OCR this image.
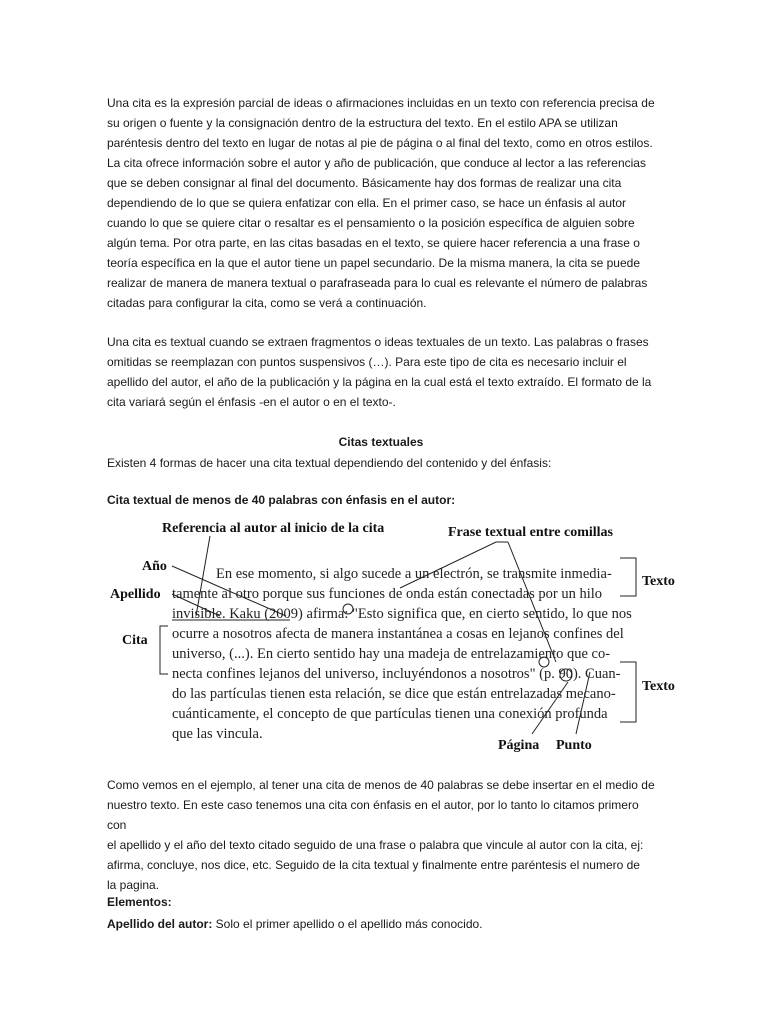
Una cita es la expresión parcial de ideas o afirmaciones incluidas en un texto con referencia precisa de
su origen o fuente y la consignación dentro de la estructura del texto. En el estilo APA se utilizan
paréntesis dentro del texto en lugar de notas al pie de página o al final del texto, como en otros estilos.
La cita ofrece información sobre el autor y año de publicación, que conduce al lector a las referencias
que se deben consignar al final del documento. Básicamente hay dos formas de realizar una cita
dependiendo de lo que se quiera enfatizar con ella. En el primer caso, se hace un énfasis al autor
cuando lo que se quiere citar o resaltar es el pensamiento o la posición específica de alguien sobre
algún tema. Por otra parte, en las citas basadas en el texto, se quiere hacer referencia a una frase o
teoría específica en la que el autor tiene un papel secundario. De la misma manera, la cita se puede
realizar de manera de manera textual o parafraseada para lo cual es relevante el número de palabras
citadas para configurar la cita, como se verá a continuación.

Una cita es textual cuando se extraen fragmentos o ideas textuales de un texto. Las palabras o frases
omitidas se reemplazan con puntos suspensivos (…). Para este tipo de cita es necesario incluir el
apellido del autor, el año de la publicación y la página en la cual está el texto extraído. El formato de la
cita variará según el énfasis -en el autor o en el texto-.

Citas textuales

Existen 4 formas de hacer una cita textual dependiendo del contenido y del énfasis:

Cita textual de menos de 40 palabras con énfasis en el autor:
Referencia al autor al inicio de la cita	Frase textual entre comillas
Año
Apellido
Cita
Texto
Texto
Página Punto
En ese momento, si algo sucede a un electrón, se transmite inmedia-
tamente al otro porque sus funciones de onda están conectadas por un hilo
invisible. Kaku (2009) afirma: "Esto significa que, en cierto sentido, lo que nos
ocurre a nosotros afecta de manera instantánea a cosas en lejanos confines del
universo, (...). En cierto sentido hay una madeja de entrelazamiento que co-
necta confines lejanos del universo, incluyéndonos a nosotros" (p. 90). Cuan-
do las partículas tienen esta relación, se dice que están entrelazadas mecano-
cuánticamente, el concepto de que partículas tienen una conexión profunda
que las vincula.

Como vemos en el ejemplo, al tener una cita de menos de 40 palabras se debe insertar en el medio de
nuestro texto. En este caso tenemos una cita con énfasis en el autor, por lo tanto lo citamos primero con
el apellido y el año del texto citado seguido de una frase o palabra que vincule al autor con la cita, ej:
afirma, concluye, nos dice, etc. Seguido de la cita textual y finalmente entre paréntesis el numero de
la pagina.

Elementos:
Apellido del autor: Solo el primer apellido o el apellido más conocido.
